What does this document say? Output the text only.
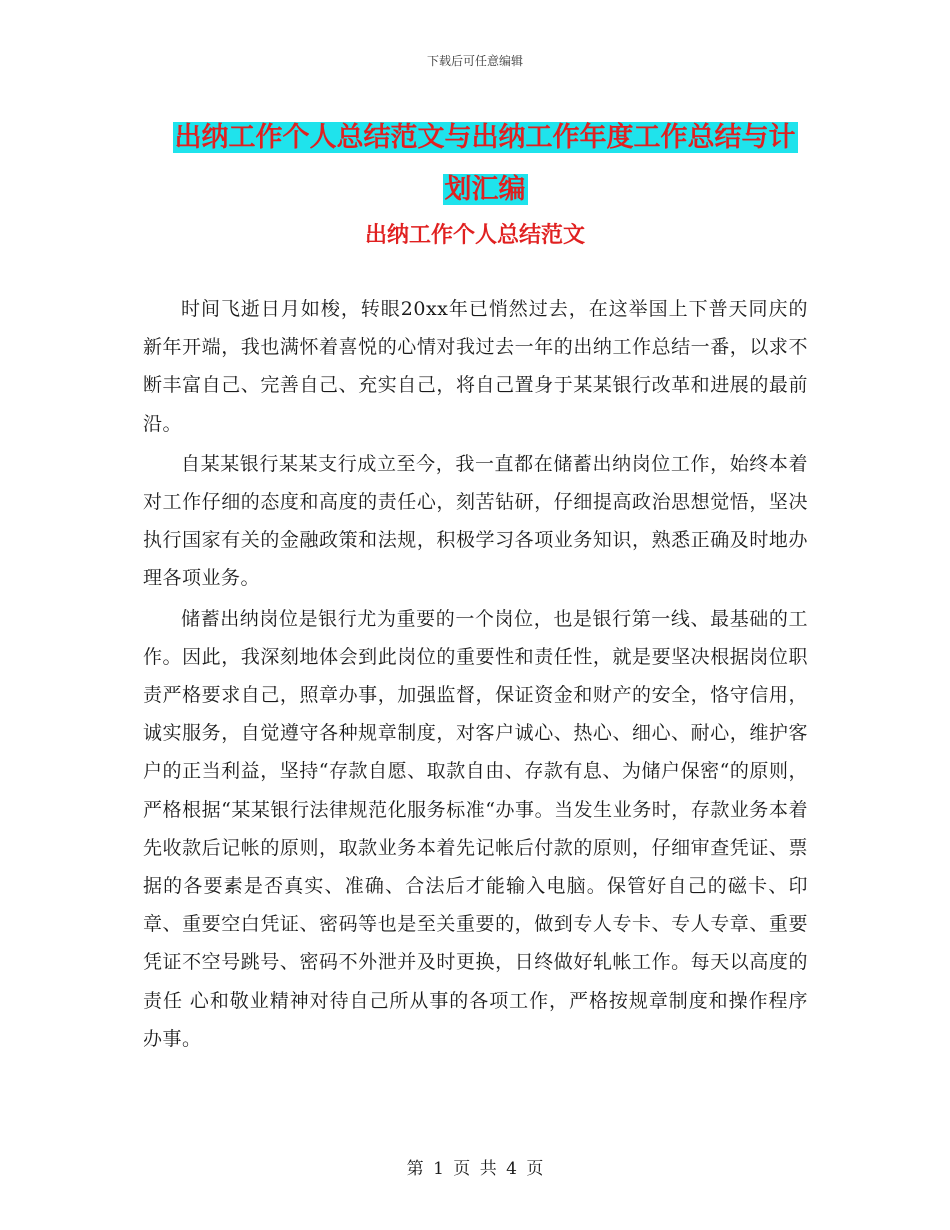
下载后可任意编辑
出纳工作个人总结范文与出纳工作年度工作总结与计
划汇编
出纳工作个人总结范文

时间飞逝日月如梭，转眼20xx年已悄然过去，在这举国上下普天同庆的新年开端，我也满怀着喜悦的心情对我过去一年的出纳工作总结一番，以求不断丰富自己、完善自己、充实自己，将自己置身于某某银行改革和进展的最前沿。

自某某银行某某支行成立至今，我一直都在储蓄出纳岗位工作，始终本着对工作仔细的态度和高度的责任心，刻苦钻研，仔细提高政治思想觉悟，坚决执行国家有关的金融政策和法规，积极学习各项业务知识，熟悉正确及时地办理各项业务。

储蓄出纳岗位是银行尤为重要的一个岗位，也是银行第一线、最基础的工作。因此，我深刻地体会到此岗位的重要性和责任性，就是要坚决根据岗位职责严格要求自己，照章办事，加强监督，保证资金和财产的安全，恪守信用，诚实服务，自觉遵守各种规章制度，对客户诚心、热心、细心、耐心，维护客户的正当利益，坚持“存款自愿、取款自由、存款有息、为储户保密“的原则，严格根据“某某银行法律规范化服务标准“办事。当发生业务时，存款业务本着先收款后记帐的原则，取款业务本着先记帐后付款的原则，仔细审查凭证、票据的各要素是否真实、准确、合法后才能输入电脑。保管好自己的磁卡、印章、重要空白凭证、密码等也是至关重要的，做到专人专卡、专人专章、重要凭证不空号跳号、密码不外泄并及时更换，日终做好轧帐工作。每天以高度的责任 心和敬业精神对待自己所从事的各项工作，严格按规章制度和操作程序办事。

第 1 页 共 4 页
